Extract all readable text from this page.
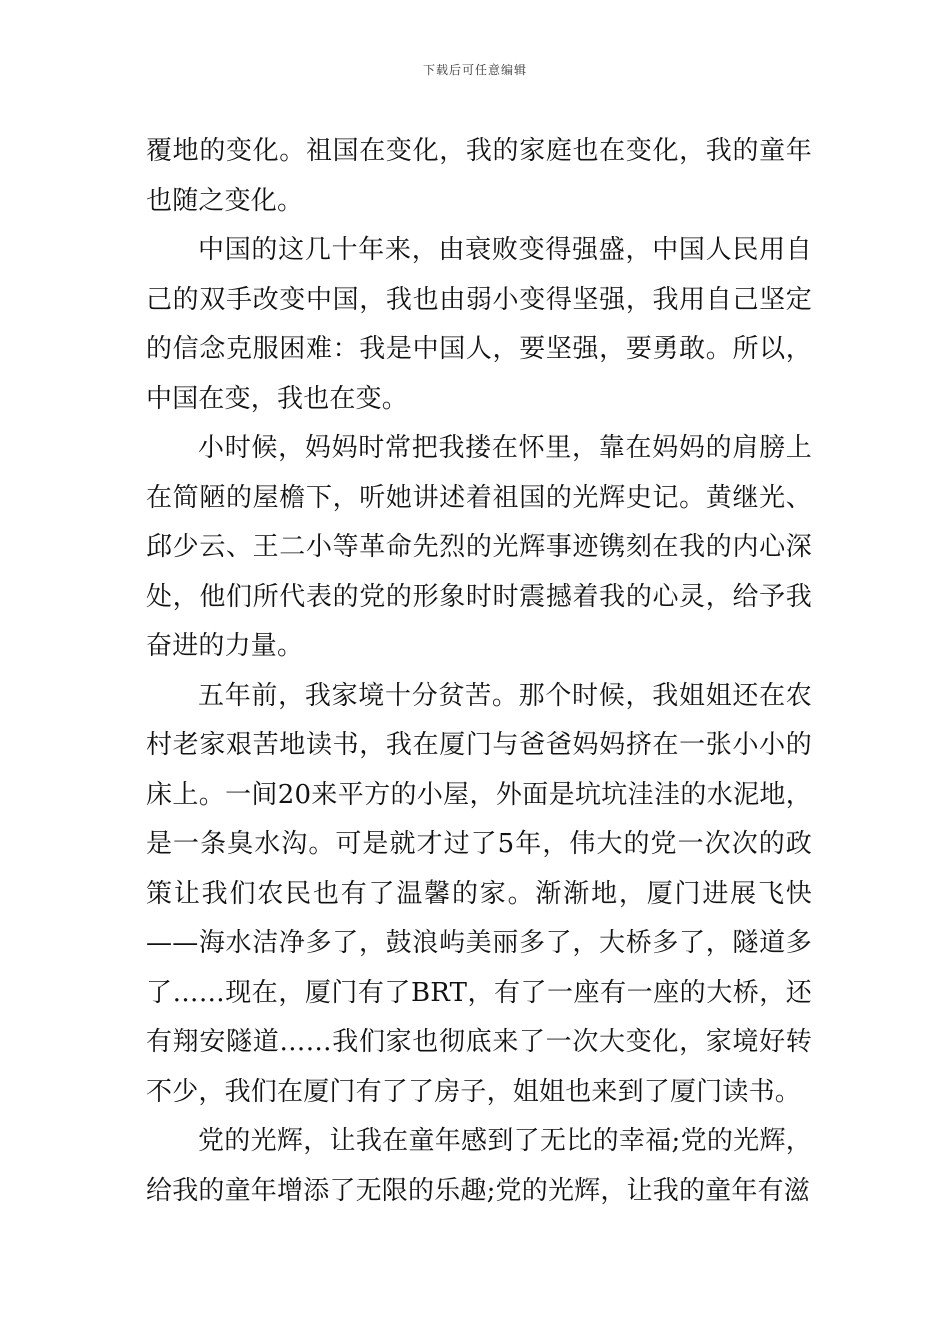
下载后可任意编辑

覆地的变化。祖国在变化，我的家庭也在变化，我的童年也随之变化。

中国的这几十年来，由衰败变得强盛，中国人民用自己的双手改变中国，我也由弱小变得坚强，我用自己坚定的信念克服困难：我是中国人，要坚强，要勇敢。所以，中国在变，我也在变。

小时候，妈妈时常把我搂在怀里，靠在妈妈的肩膀上在简陋的屋檐下，听她讲述着祖国的光辉史记。黄继光、邱少云、王二小等革命先烈的光辉事迹镌刻在我的内心深处，他们所代表的党的形象时时震撼着我的心灵，给予我奋进的力量。

五年前，我家境十分贫苦。那个时候，我姐姐还在农村老家艰苦地读书，我在厦门与爸爸妈妈挤在一张小小的床上。一间20来平方的小屋，外面是坑坑洼洼的水泥地，是一条臭水沟。可是就才过了5年，伟大的党一次次的政策让我们农民也有了温馨的家。渐渐地，厦门进展飞快——海水洁净多了，鼓浪屿美丽多了，大桥多了，隧道多了……现在，厦门有了BRT，有了一座有一座的大桥，还有翔安隧道……我们家也彻底来了一次大变化，家境好转不少，我们在厦门有了了房子，姐姐也来到了厦门读书。

党的光辉，让我在童年感到了无比的幸福;党的光辉，给我的童年增添了无限的乐趣;党的光辉，让我的童年有滋
